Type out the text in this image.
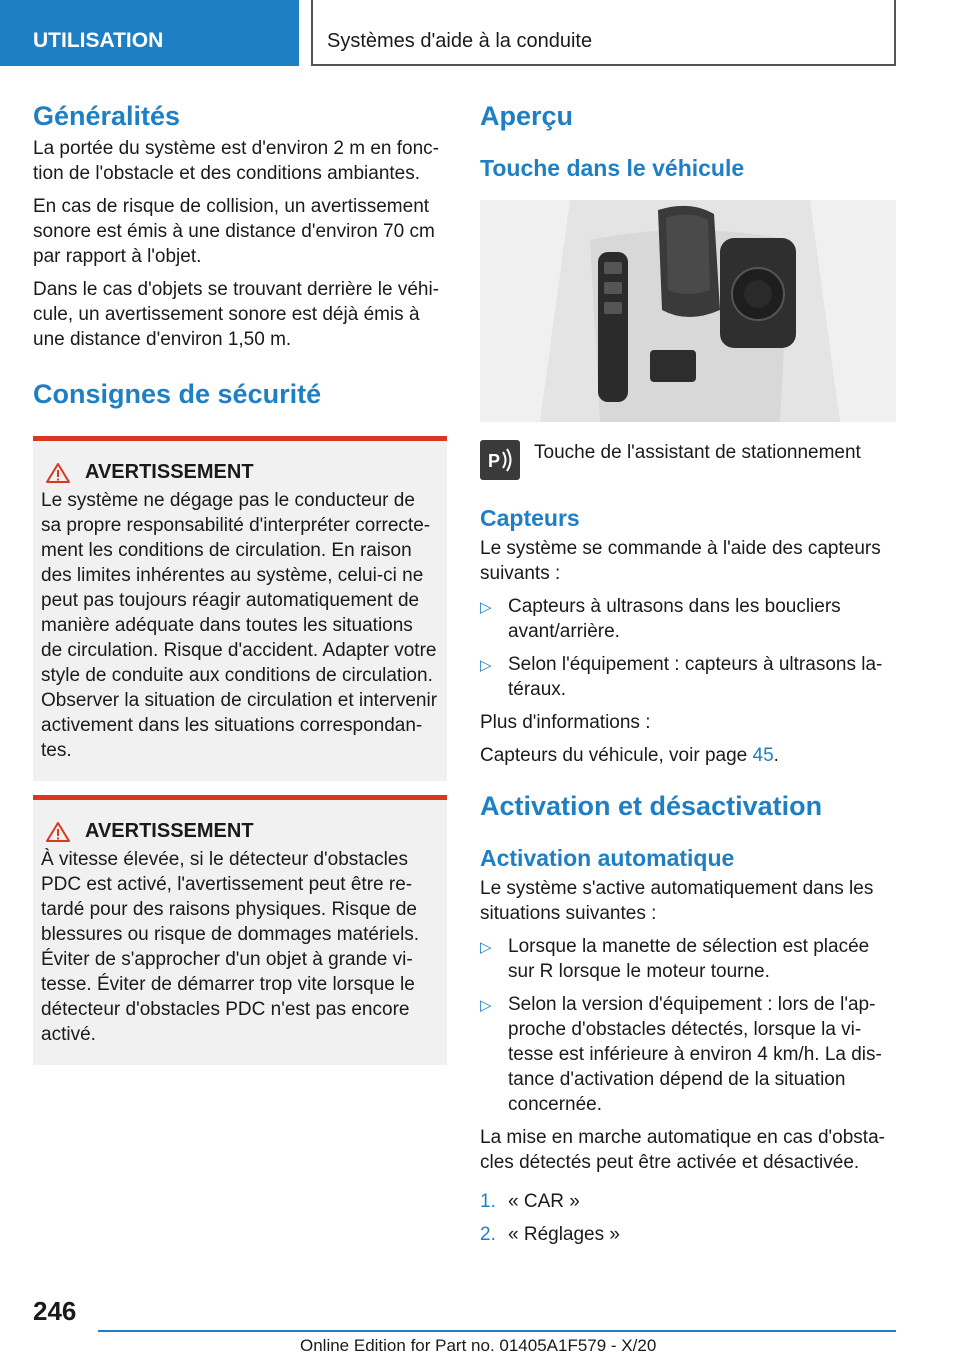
UTILISATION	Systèmes d'aide à la conduite
Généralités

La portée du système est d'environ 2 m en fonc-tion de l'obstacle et des conditions ambiantes.

En cas de risque de collision, un avertissement sonore est émis à une distance d'environ 70 cm par rapport à l'objet.

Dans le cas d'objets se trouvant derrière le véhi-cule, un avertissement sonore est déjà émis à une distance d'environ 1,50 m.

Consignes de sécurité
AVERTISSEMENT

Le système ne dégage pas le conducteur de sa propre responsabilité d'interpréter correcte-ment les conditions de circulation. En raison des limites inhérentes au système, celui-ci ne peut pas toujours réagir automatiquement de manière adéquate dans toutes les situations de circulation. Risque d'accident. Adapter votre style de conduite aux conditions de circulation. Observer la situation de circulation et intervenir activement dans les situations correspondan-tes.

AVERTISSEMENT

À vitesse élevée, si le détecteur d'obstacles PDC est activé, l'avertissement peut être re-tardé pour des raisons physiques. Risque de blessures ou risque de dommages matériels. Éviter de s'approcher d'un objet à grande vi-tesse. Éviter de démarrer trop vite lorsque le détecteur d'obstacles PDC n'est pas encore activé.

Aperçu
Touche dans le véhicule
P Touche de l'assistant de stationnement

Capteurs

Le système se commande à l'aide des capteurs suivants :

▷ Capteurs à ultrasons dans les boucliers avant/arrière.
▷ Selon l'équipement : capteurs à ultrasons la-téraux.

Plus d'informations :

Capteurs du véhicule, voir page 45.

Activation et désactivation
Activation automatique

Le système s'active automatiquement dans les situations suivantes :

▷ Lorsque la manette de sélection est placée sur R lorsque le moteur tourne.
▷ Selon la version d'équipement : lors de l'ap-proche d'obstacles détectés, lorsque la vi-tesse est inférieure à environ 4 km/h. La dis-tance d'activation dépend de la situation concernée.

La mise en marche automatique en cas d'obsta-cles détectés peut être activée et désactivée.

1. « CAR »
2. « Réglages »
246
Online Edition for Part no. 01405A1F579 - X/20
